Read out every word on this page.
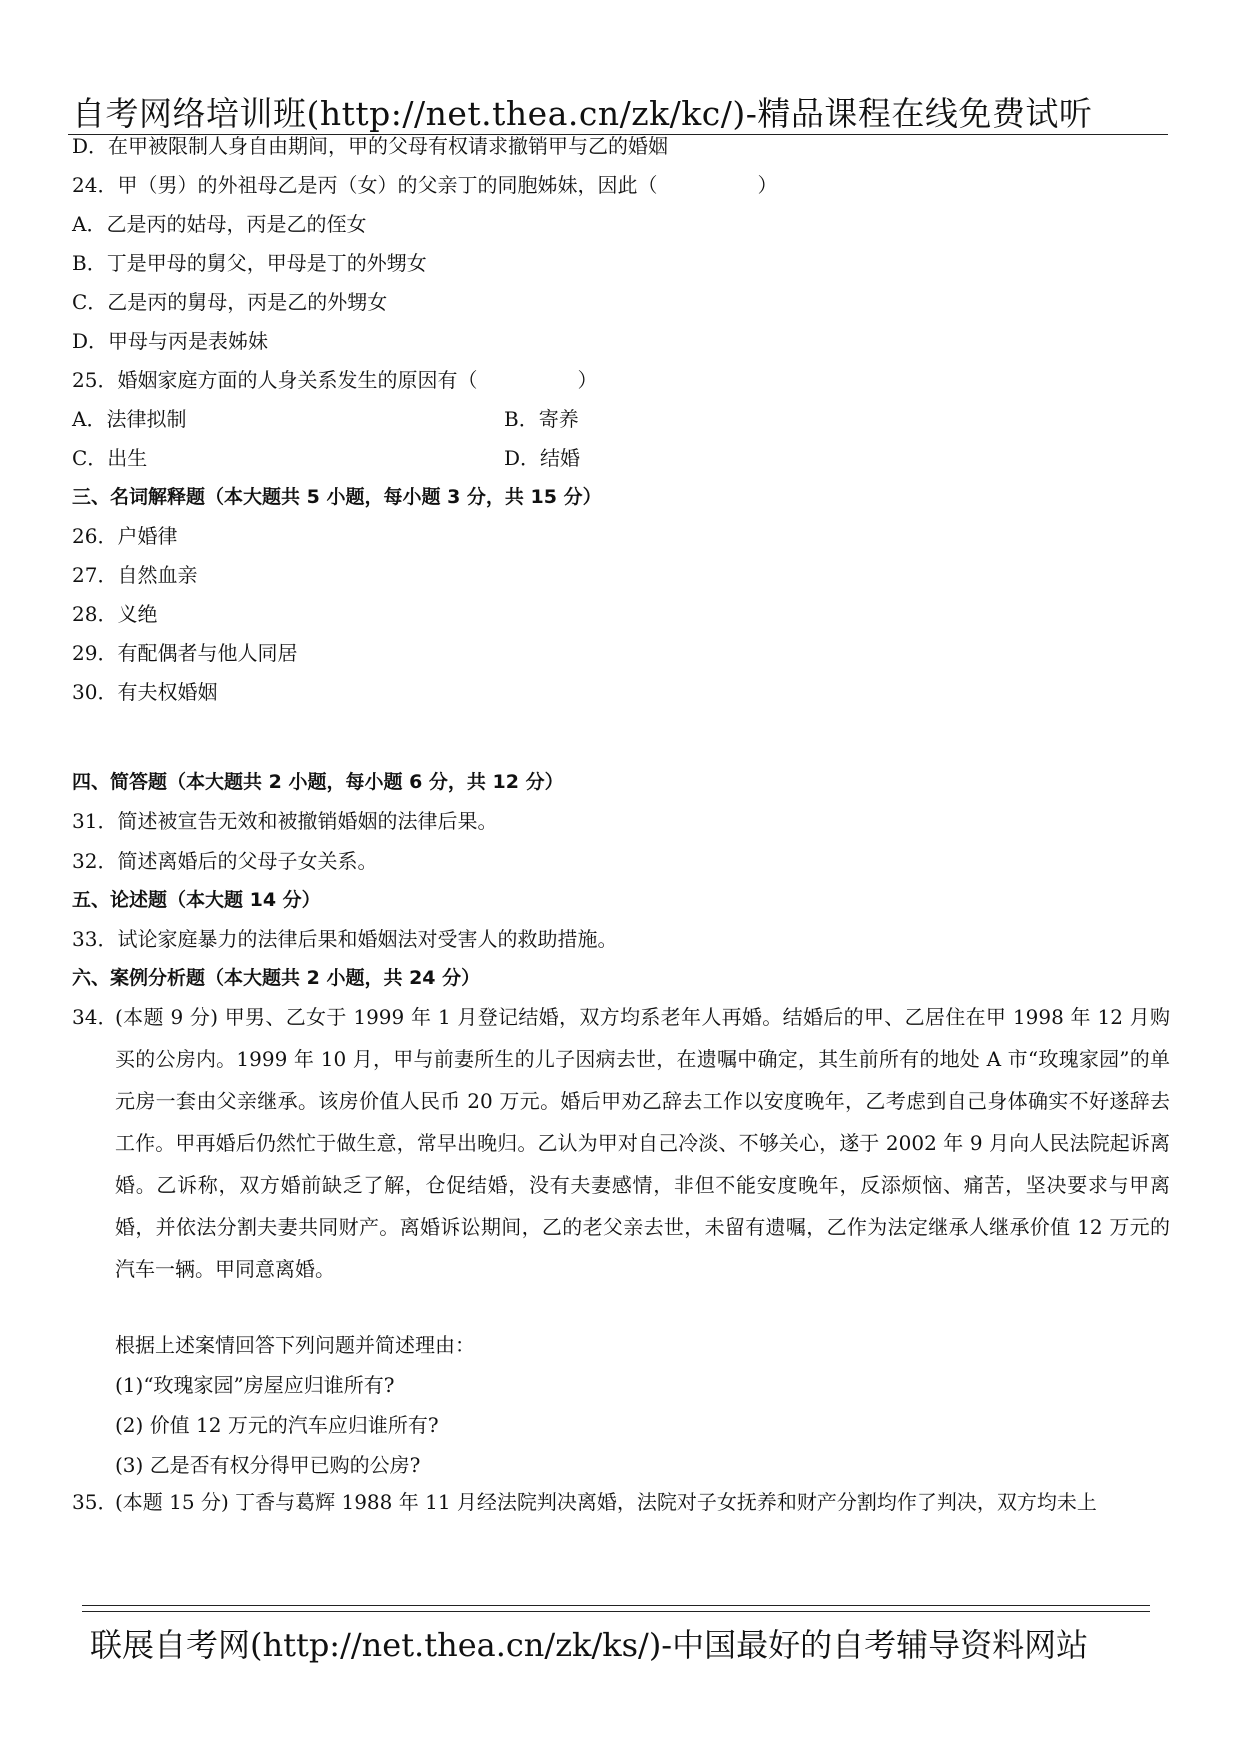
自考网络培训班(http://net.thea.cn/zk/kc/)-精品课程在线免费试听
D．在甲被限制人身自由期间，甲的父母有权请求撤销甲与乙的婚姻
24．甲（男）的外祖母乙是丙（女）的父亲丁的同胞姊妹，因此（　　　　　）
A．乙是丙的姑母，丙是乙的侄女
B．丁是甲母的舅父，甲母是丁的外甥女
C．乙是丙的舅母，丙是乙的外甥女
D．甲母与丙是表姊妹
25．婚姻家庭方面的人身关系发生的原因有（　　　　　）
A．法律拟制	B．寄养
C．出生	D．结婚
三、名词解释题（本大题共 5 小题，每小题 3 分，共 15 分）
26．户婚律
27．自然血亲
28．义绝
29．有配偶者与他人同居
30．有夫权婚姻
四、简答题（本大题共 2 小题，每小题 6 分，共 12 分）
31．简述被宣告无效和被撤销婚姻的法律后果。
32．简述离婚后的父母子女关系。
五、论述题（本大题 14 分）
33．试论家庭暴力的法律后果和婚姻法对受害人的救助措施。
六、案例分析题（本大题共 2 小题，共 24 分）
34．
(本题 9 分) 甲男、乙女于 1999 年 1 月登记结婚，双方均系老年人再婚。结婚后的甲、乙居住在甲 1998 年 12 月购买的公房内。1999 年 10 月，甲与前妻所生的儿子因病去世，在遗嘱中确定，其生前所有的地处 A 市“玫瑰家园”的单元房一套由父亲继承。该房价值人民币 20 万元。婚后甲劝乙辞去工作以安度晚年，乙考虑到自己身体确实不好遂辞去工作。甲再婚后仍然忙于做生意，常早出晚归。乙认为甲对自己冷淡、不够关心，遂于 2002 年 9 月向人民法院起诉离婚。乙诉称，双方婚前缺乏了解，仓促结婚，没有夫妻感情，非但不能安度晚年，反添烦恼、痛苦，坚决要求与甲离婚，并依法分割夫妻共同财产。离婚诉讼期间，乙的老父亲去世，未留有遗嘱，乙作为法定继承人继承价值 12 万元的汽车一辆。甲同意离婚。
根据上述案情回答下列问题并简述理由：
(1)“玫瑰家园”房屋应归谁所有?
(2) 价值 12 万元的汽车应归谁所有?
(3) 乙是否有权分得甲已购的公房?
35．
(本题 15 分) 丁香与葛辉 1988 年 11 月经法院判决离婚，法院对子女抚养和财产分割均作了判决，双方均未上
联展自考网(http://net.thea.cn/zk/ks/)-中国最好的自考辅导资料网站
